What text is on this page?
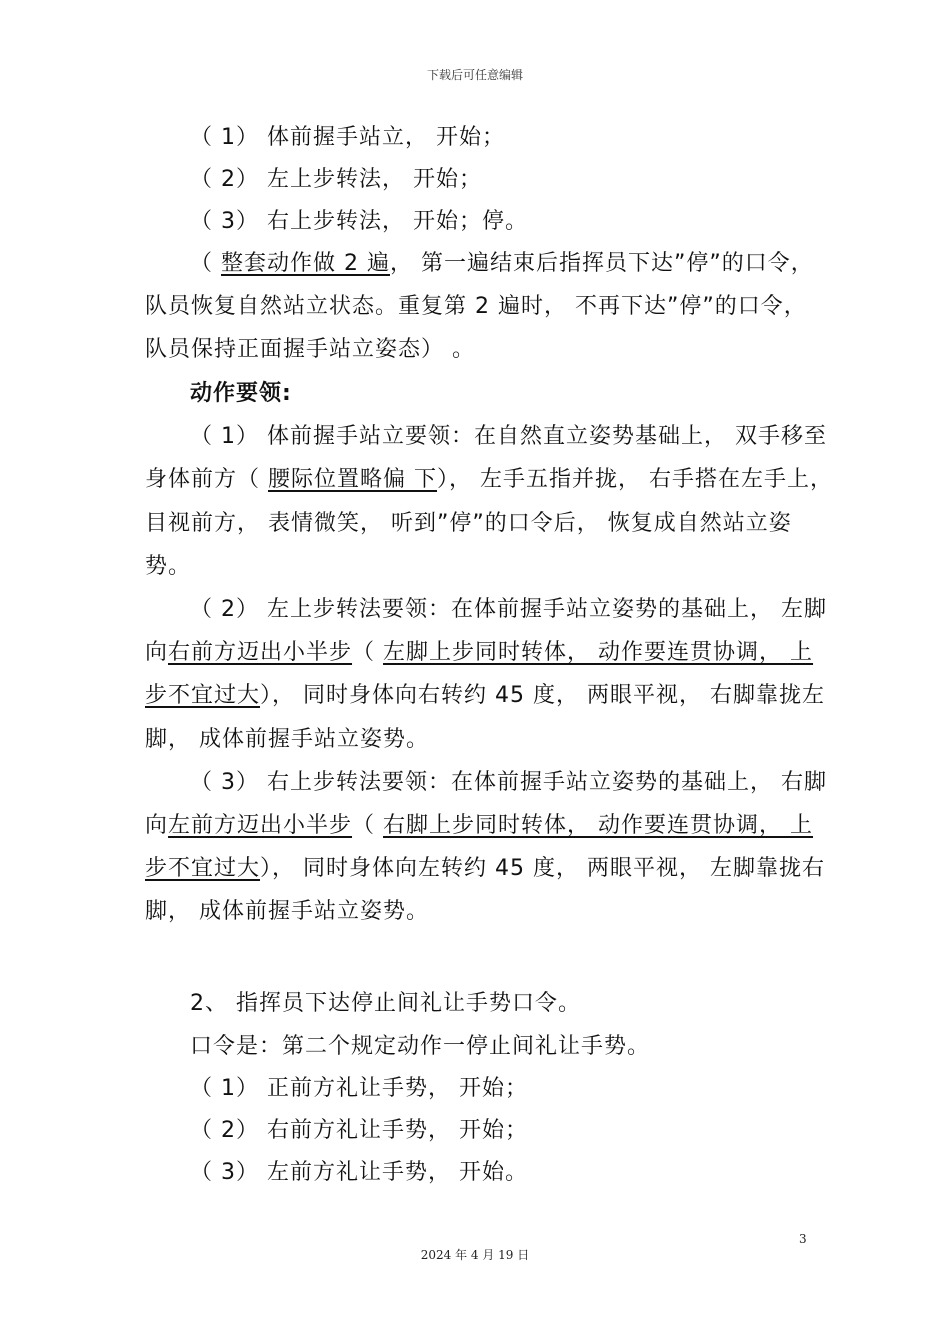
下载后可任意编辑
（ 1） 体前握手站立， 开始；
（ 2） 左上步转法， 开始；
（ 3） 右上步转法， 开始；停。
（ 整套动作做 2 遍， 第一遍结束后指挥员下达”停”的口令，
队员恢复自然站立状态。重复第 2 遍时， 不再下达”停”的口令，
队员保持正面握手站立姿态） 。
动作要领:
（ 1） 体前握手站立要领：在自然直立姿势基础上， 双手移至
身体前方（ 腰际位置略偏 下）， 左手五指并拢， 右手搭在左手上，
目视前方， 表情微笑， 听到”停”的口令后， 恢复成自然站立姿
势。
（ 2） 左上步转法要领：在体前握手站立姿势的基础上， 左脚
向右前方迈出小半步（ 左脚上步同时转体， 动作要连贯协调， 上
步不宜过大）， 同时身体向右转约 45 度， 两眼平视， 右脚靠拢左
脚， 成体前握手站立姿势。
（ 3） 右上步转法要领：在体前握手站立姿势的基础上， 右脚
向左前方迈出小半步（ 右脚上步同时转体， 动作要连贯协调， 上
步不宜过大）， 同时身体向左转约 45 度， 两眼平视， 左脚靠拢右
脚， 成体前握手站立姿势。
2、 指挥员下达停止间礼让手势口令。
口令是：第二个规定动作一停止间礼让手势。
（ 1） 正前方礼让手势， 开始；
（ 2） 右前方礼让手势， 开始；
（ 3） 左前方礼让手势， 开始。
3
2024 年 4 月 19 日
